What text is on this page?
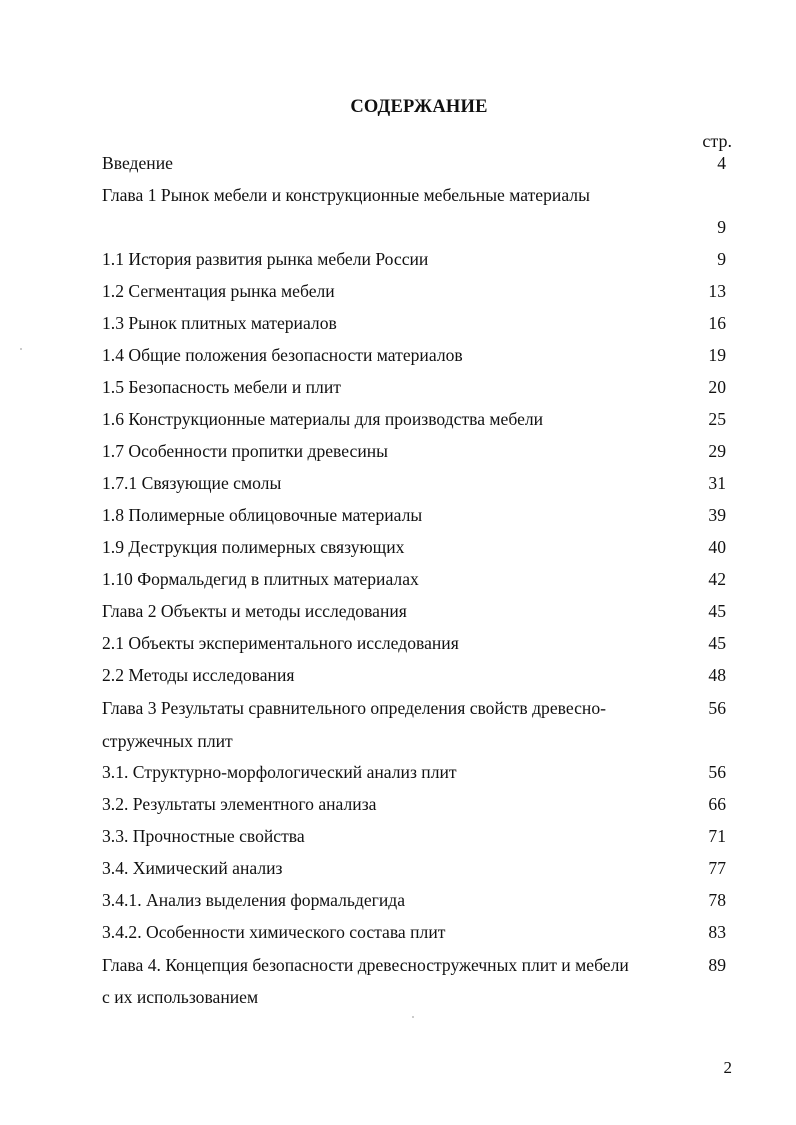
СОДЕРЖАНИЕ
стр.
Введение	4
Глава 1 Рынок мебели и конструкционные мебельные материалы
9
1.1 История развития рынка мебели России	9
1.2 Сегментация рынка мебели	13
1.3 Рынок плитных материалов	16
1.4 Общие положения безопасности материалов	19
1.5 Безопасность мебели и плит	20
1.6 Конструкционные материалы для производства мебели	25
1.7 Особенности пропитки древесины	29
1.7.1 Связующие смолы	31
1.8 Полимерные облицовочные материалы	39
1.9 Деструкция полимерных связующих	40
1.10 Формальдегид в плитных материалах	42
Глава 2 Объекты и методы исследования	45
2.1 Объекты экспериментального исследования	45
2.2 Методы исследования	48
Глава 3 Результаты сравнительного определения свойств древесно-	56
стружечных плит
3.1. Структурно-морфологический анализ плит	56
3.2. Результаты элементного анализа	66
3.3. Прочностные свойства	71
3.4. Химический анализ	77
3.4.1. Анализ выделения формальдегида	78
3.4.2. Особенности химического состава плит	83
Глава 4. Концепция безопасности древесностружечных плит и мебели	89
с их использованием
2
